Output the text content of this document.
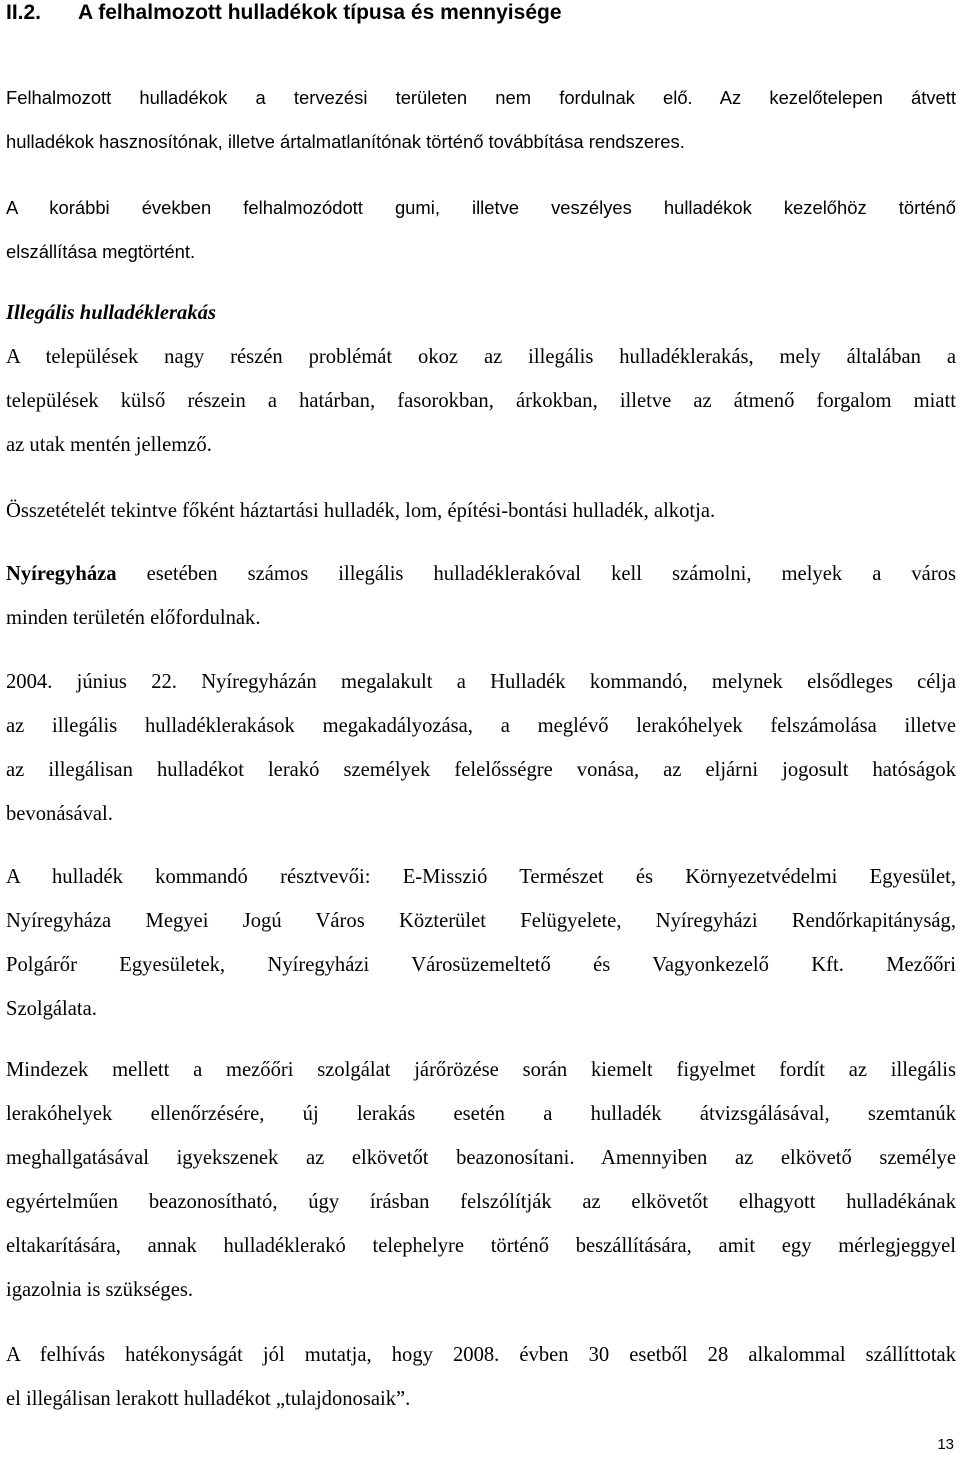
II.2. A felhalmozott hulladékok típusa és mennyisége
Felhalmozott hulladékok a tervezési területen nem fordulnak elő. Az kezelőtelepen átvett
hulladékok hasznosítónak, illetve ártalmatlanítónak történő továbbítása rendszeres.
A korábbi években felhalmozódott gumi, illetve veszélyes hulladékok kezelőhöz történő
elszállítása megtörtént.
Illegális hulladéklerakás
A települések nagy részén problémát okoz az illegális hulladéklerakás, mely általában a
települések külső részein a határban, fasorokban, árkokban, illetve az átmenő forgalom miatt
az utak mentén jellemző.
Összetételét tekintve főként háztartási hulladék, lom, építési-bontási hulladék, alkotja.
Nyíregyháza esetében számos illegális hulladéklerakóval kell számolni, melyek a város
minden területén előfordulnak.
2004. június 22. Nyíregyházán megalakult a Hulladék kommandó, melynek elsődleges célja
az illegális hulladéklerakások megakadályozása, a meglévő lerakóhelyek felszámolása illetve
az illegálisan hulladékot lerakó személyek felelősségre vonása, az eljárni jogosult hatóságok
bevonásával.
A hulladék kommandó résztvevői: E-Misszió Természet és Környezetvédelmi Egyesület,
Nyíregyháza Megyei Jogú Város Közterület Felügyelete, Nyíregyházi Rendőrkapitányság,
Polgárőr Egyesületek, Nyíregyházi Városüzemeltető és Vagyonkezelő Kft. Mezőőri
Szolgálata.
Mindezek mellett a mezőőri szolgálat járőrözése során kiemelt figyelmet fordít az illegális
lerakóhelyek ellenőrzésére, új lerakás esetén a hulladék átvizsgálásával, szemtanúk
meghallgatásával igyekszenek az elkövetőt beazonosítani. Amennyiben az elkövető személye
egyértelműen beazonosítható, úgy írásban felszólítják az elkövetőt elhagyott hulladékának
eltakarítására, annak hulladéklerakó telephelyre történő beszállítására, amit egy mérlegjeggyel
igazolnia is szükséges.
A felhívás hatékonyságát jól mutatja, hogy 2008. évben 30 esetből 28 alkalommal szállíttotak
el illegálisan lerakott hulladékot „tulajdonosaik”.
13
